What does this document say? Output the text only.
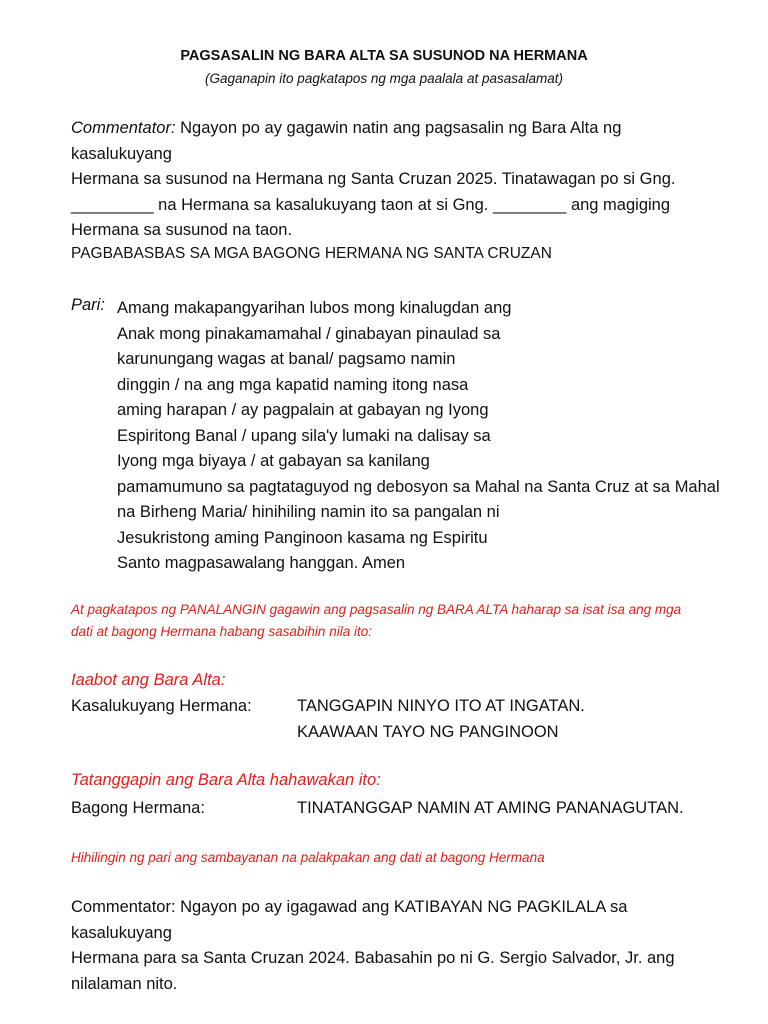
PAGSASALIN NG BARA ALTA SA SUSUNOD NA HERMANA
(Gaganapin ito pagkatapos ng mga paalala at pasasalamat)
Commentator: Ngayon po ay gagawin natin ang pagsasalin ng Bara Alta ng kasalukuyang
Hermana sa susunod na Hermana ng Santa Cruzan 2025. Tinatawagan po si Gng.
_________ na Hermana sa kasalukuyang taon at si Gng. ________ ang magiging
Hermana sa susunod na taon.
PAGBABASBAS SA MGA BAGONG HERMANA NG SANTA CRUZAN
Pari: Amang makapangyarihan lubos mong kinalugdan ang
Anak mong pinakamamahal / ginabayan pinaulad sa
karunungang wagas at banal/ pagsamo namin
dinggin / na ang mga kapatid naming itong nasa
aming harapan / ay pagpalain at gabayan ng Iyong
Espiritong Banal / upang sila'y lumaki na dalisay sa
Iyong mga biyaya / at gabayan sa kanilang
pamamumuno sa pagtataguyod ng debosyon sa Mahal na Santa Cruz at sa Mahal
na Birheng Maria/ hinihiling namin ito sa pangalan ni
Jesukristong aming Panginoon kasama ng Espiritu
Santo magpasawalang hanggan. Amen
At pagkatapos ng PANALANGIN gagawin ang pagsasalin ng BARA ALTA haharap sa isat isa ang mga
dati at bagong Hermana habang sasabihin nila ito:
Iaabot ang Bara Alta:
Kasalukuyang Hermana:	TANGGAPIN NINYO ITO AT INGATAN.
KAAWAAN TAYO NG PANGINOON
Tatanggapin ang Bara Alta hahawakan ito:
Bagong Hermana:	TINATANGGAP NAMIN AT AMING PANANAGUTAN.
Hihilingin ng pari ang sambayanan na palakpakan ang dati at bagong Hermana
Commentator: Ngayon po ay igagawad ang KATIBAYAN NG PAGKILALA sa kasalukuyang
Hermana para sa Santa Cruzan 2024. Babasahin po ni G. Sergio Salvador, Jr. ang
nilalaman nito.
